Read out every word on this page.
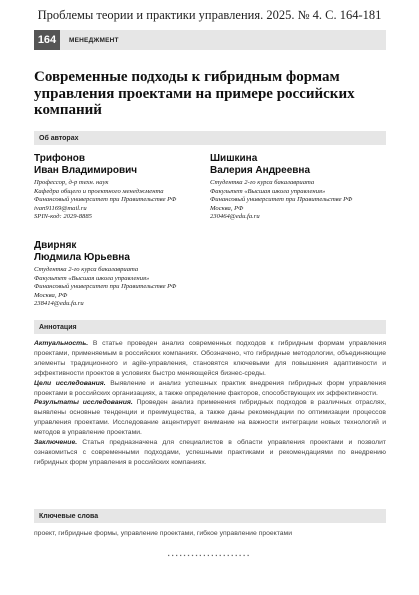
Проблемы теории и практики управления. 2025. № 4. С. 164-181
164	МЕНЕДЖМЕНТ
Современные подходы к гибридным формам управления проектами на примере российских компаний
Об авторах
Трифонов
Иван Владимирович
Профессор, д-р техн. наук
Кафедра общего и проектного менеджмента
Финансовый университет при Правительстве РФ
ivan91169@mail.ru
SPIN-код: 2029-8885
Шишкина
Валерия Андреевна
Студентка 2-го курса бакалавриата
Факультет «Высшая школа управления»
Финансовый университет при Правительстве РФ
Москва, РФ
230464@edu.fa.ru
Двирняк
Людмила Юрьевна
Студентка 2-го курса бакалавриата
Факультет «Высшая школа управления»
Финансовый университет при Правительстве РФ
Москва, РФ
238414@edu.fa.ru
Аннотация

Актуальность. В статье проведен анализ современных подходов к гибридным формам управления проектами, применяемым в российских компаниях. Обозначено, что гибридные методологии, объединяющие элементы традиционного и agile-управления, становятся ключевыми для повышения адаптивности и эффективности проектов в условиях быстро меняющейся бизнес-среды.

Цели исследования. Выявление и анализ успешных практик внедрения гибридных форм управления проектами в российских организациях, а также определение факторов, способствующих их эффективности.

Результаты исследования. Проведен анализ применения гибридных подходов в различных отраслях, выявлены основные тенденции и преимущества, а также даны рекомендации по оптимизации процессов управления проектами. Исследование акцентирует внимание на важности интеграции новых технологий и методов в управление проектами.

Заключение. Статья предназначена для специалистов в области управления проектами и позволит ознакомиться с современными подходами, успешными практиками и рекомендациями по внедрению гибридных форм управления в российских компаниях.

Ключевые слова
проект, гибридные формы, управление проектами, гибкое управление проектами
▪▪▪▪▪▪▪▪▪▪▪▪▪▪▪▪▪▪▪▪▪
